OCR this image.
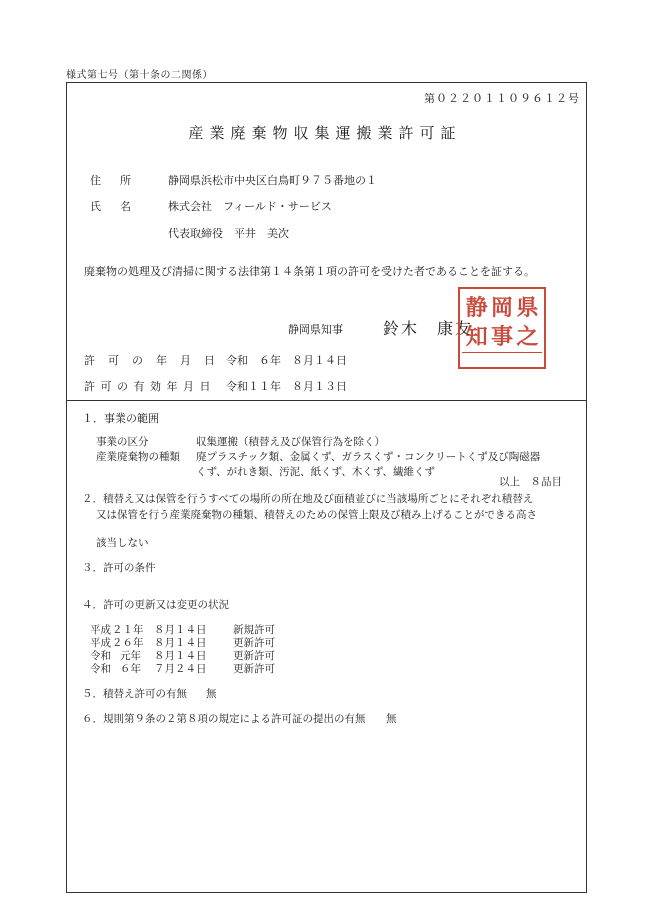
様式第七号（第十条の二関係）
第０２２０１１０９６１２号
産業廃棄物収集運搬業許可証
住　所	静岡県浜松市中央区白鳥町９７５番地の１
氏　名	株式会社　フィールド・サービス
代表取締役　平井　美次
廃棄物の処理及び清掃に関する法律第１４条第１項の許可を受けた者であることを証する。
静岡県知事	鈴木　康友
静 岡 県
知 事 之
許　可　の　年　月　日 令和　６年　８月１４日
許 可 の 有 効 年 月 日 令和１１年　８月１３日
１．事業の範囲
事業の区分	収集運搬（積替え及び保管行為を除く）
産業廃棄物の種類 廃プラスチック類、金属くず、ガラスくず・コンクリートくず及び陶磁器
くず、がれき類、汚泥、紙くず、木くず、繊維くず
以上　８品目
２．積替え又は保管を行うすべての場所の所在地及び面積並びに当該場所ごとにそれぞれ積替え
又は保管を行う産業廃棄物の種類、積替えのための保管上限及び積み上げることができる高さ
該当しない
３．許可の条件
４．許可の更新又は変更の状況
平成 ２１年 ８月１４日	新規許可
平成 ２６年 ８月１４日	更新許可
令和 元年 ８月１４日	更新許可
令和 ６年 ７月２４日	更新許可
５．積替え許可の有無 無
６．規則第９条の２第８項の規定による許可証の提出の有無 無
